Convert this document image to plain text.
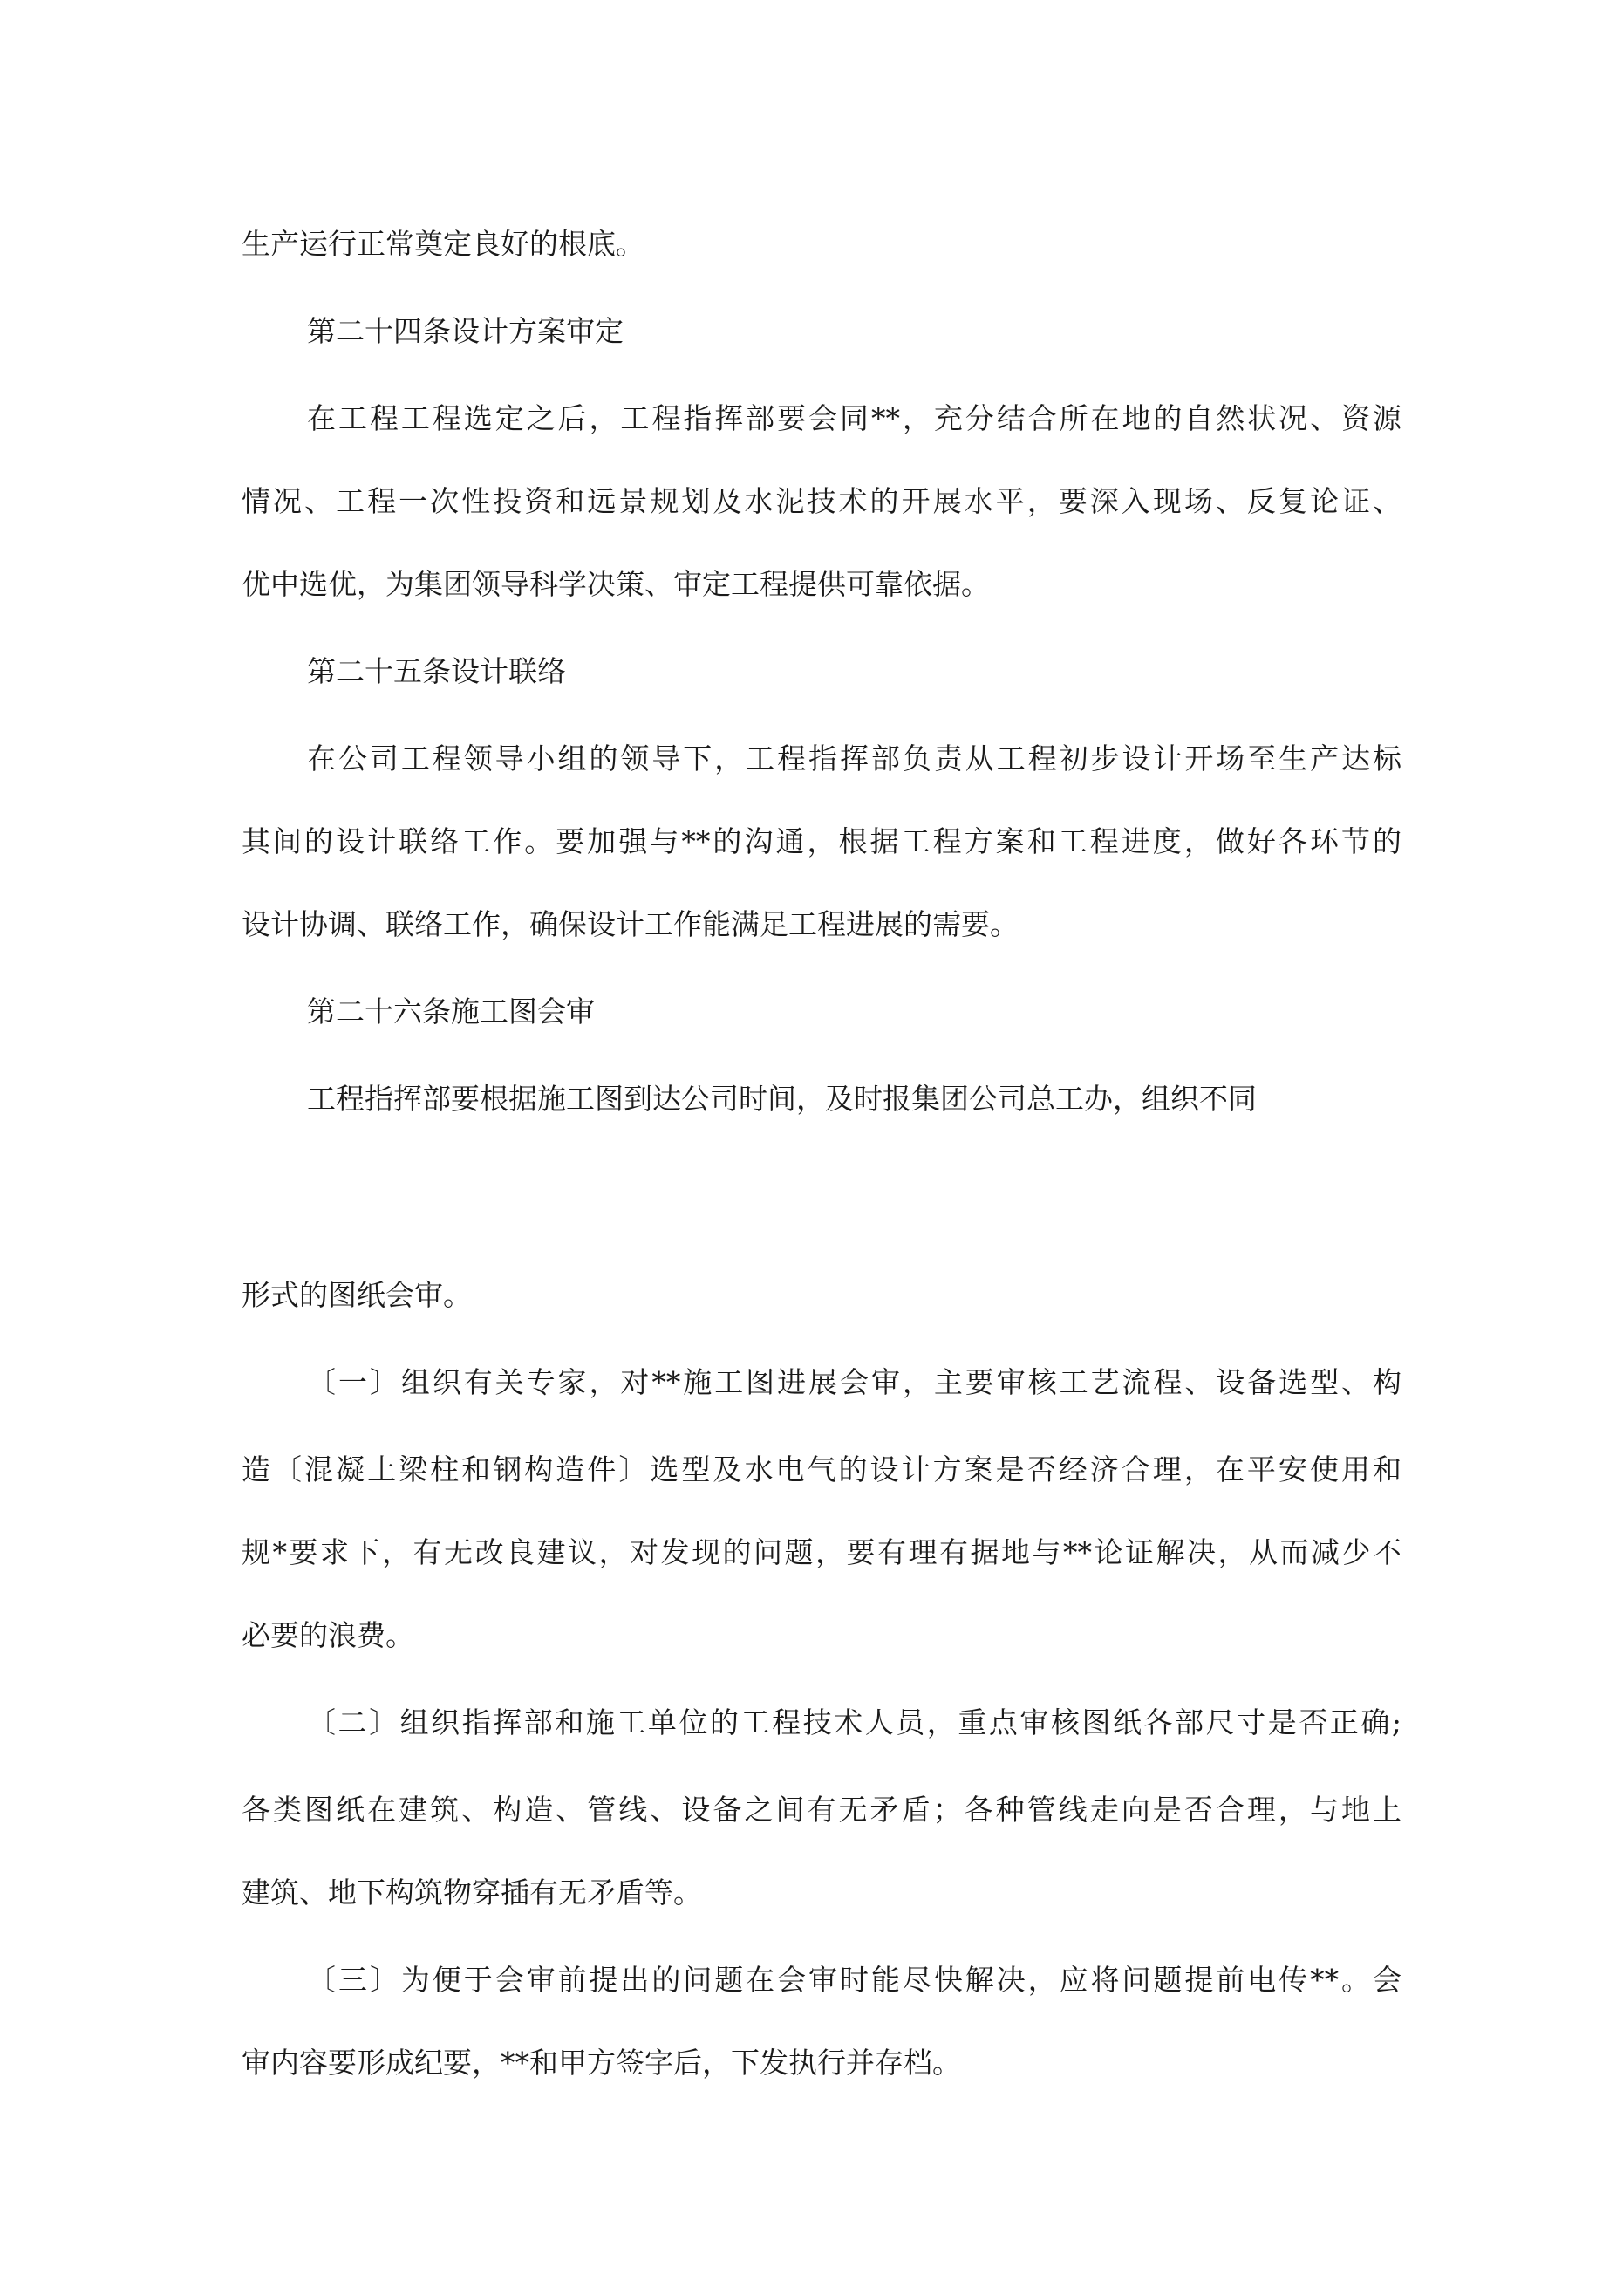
生产运行正常奠定良好的根底。
第二十四条设计方案审定
在工程工程选定之后，工程指挥部要会同**，充分结合所在地的自然状况、资源
情况、工程一次性投资和远景规划及水泥技术的开展水平，要深入现场、反复论证、
优中选优，为集团领导科学决策、审定工程提供可靠依据。
第二十五条设计联络
在公司工程领导小组的领导下，工程指挥部负责从工程初步设计开场至生产达标
其间的设计联络工作。要加强与**的沟通，根据工程方案和工程进度，做好各环节的
设计协调、联络工作，确保设计工作能满足工程进展的需要。
第二十六条施工图会审
工程指挥部要根据施工图到达公司时间，及时报集团公司总工办，组织不同
形式的图纸会审。
〔一〕组织有关专家，对**施工图进展会审，主要审核工艺流程、设备选型、构
造〔混凝土梁柱和钢构造件〕选型及水电气的设计方案是否经济合理，在平安使用和
规*要求下，有无改良建议，对发现的问题，要有理有据地与**论证解决，从而减少不
必要的浪费。
〔二〕组织指挥部和施工单位的工程技术人员，重点审核图纸各部尺寸是否正确;
各类图纸在建筑、构造、管线、设备之间有无矛盾；各种管线走向是否合理，与地上
建筑、地下构筑物穿插有无矛盾等。
〔三〕为便于会审前提出的问题在会审时能尽快解决，应将问题提前电传**。会
审内容要形成纪要，**和甲方签字后，下发执行并存档。
